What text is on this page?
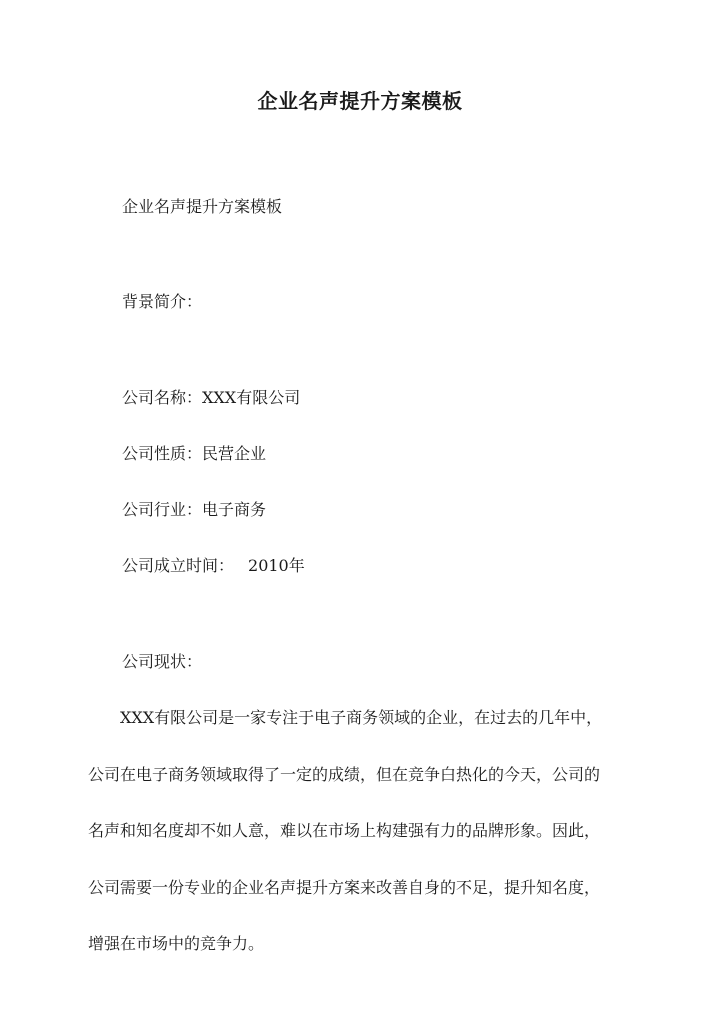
企业名声提升方案模板
企业名声提升方案模板
背景简介：
公司名称：XXX有限公司
公司性质：民营企业
公司行业：电子商务
公司成立时间： 2010年
公司现状：
XXX有限公司是一家专注于电子商务领域的企业，在过去的几年中，
公司在电子商务领域取得了一定的成绩，但在竞争白热化的今天，公司的
名声和知名度却不如人意，难以在市场上构建强有力的品牌形象。因此，
公司需要一份专业的企业名声提升方案来改善自身的不足，提升知名度，
增强在市场中的竞争力。
